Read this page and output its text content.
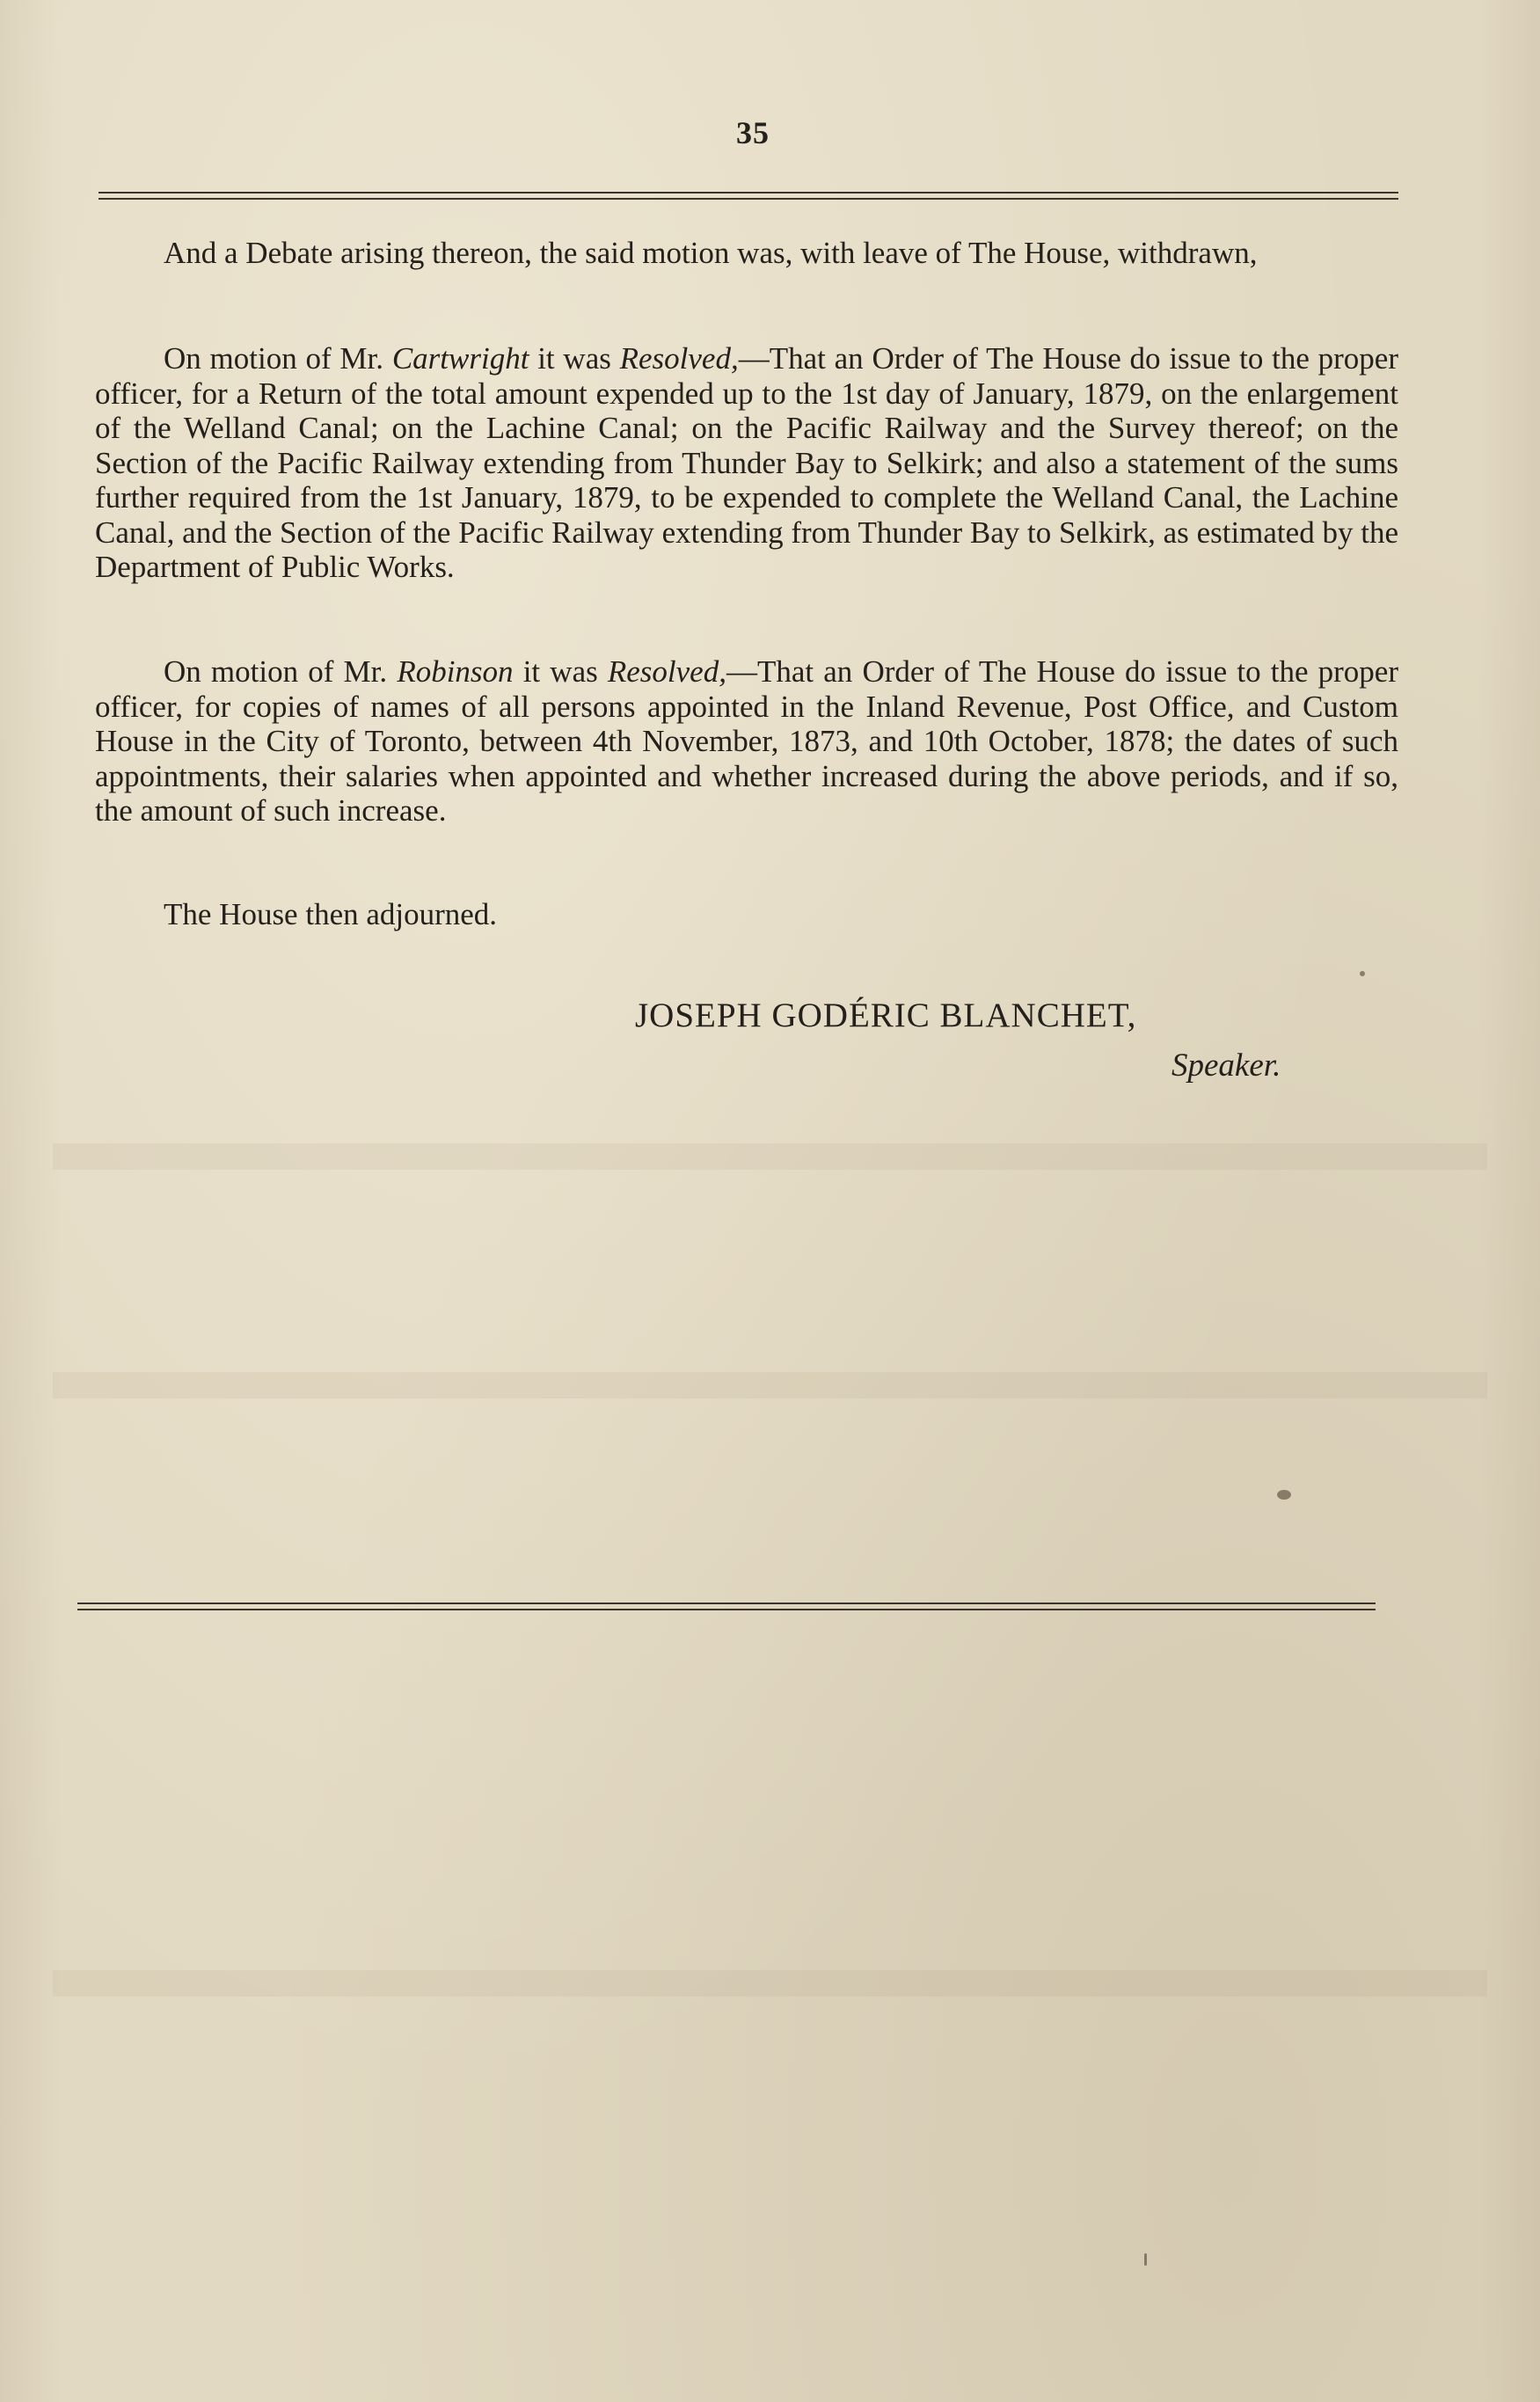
35

And a Debate arising thereon, the said motion was, with leave of The House, withdrawn,

On motion of Mr. Cartwright it was Resolved,—That an Order of The House do issue to the proper officer, for a Return of the total amount expended up to the 1st day of January, 1879, on the enlargement of the Welland Canal; on the Lachine Canal; on the Pacific Railway and the Survey thereof; on the Section of the Pacific Railway extending from Thunder Bay to Selkirk; and also a statement of the sums further required from the 1st January, 1879, to be expended to complete the Welland Canal, the Lachine Canal, and the Section of the Pacific Railway extending from Thunder Bay to Selkirk, as estimated by the Department of Public Works.

On motion of Mr. Robinson it was Resolved,—That an Order of The House do issue to the proper officer, for copies of names of all persons appointed in the Inland Revenue, Post Office, and Custom House in the City of Toronto, between 4th November, 1873, and 10th October, 1878; the dates of such appointments, their salaries when appointed and whether increased during the above periods, and if so, the amount of such increase.

The House then adjourned.

JOSEPH GODÉRIC BLANCHET,
Speaker.
